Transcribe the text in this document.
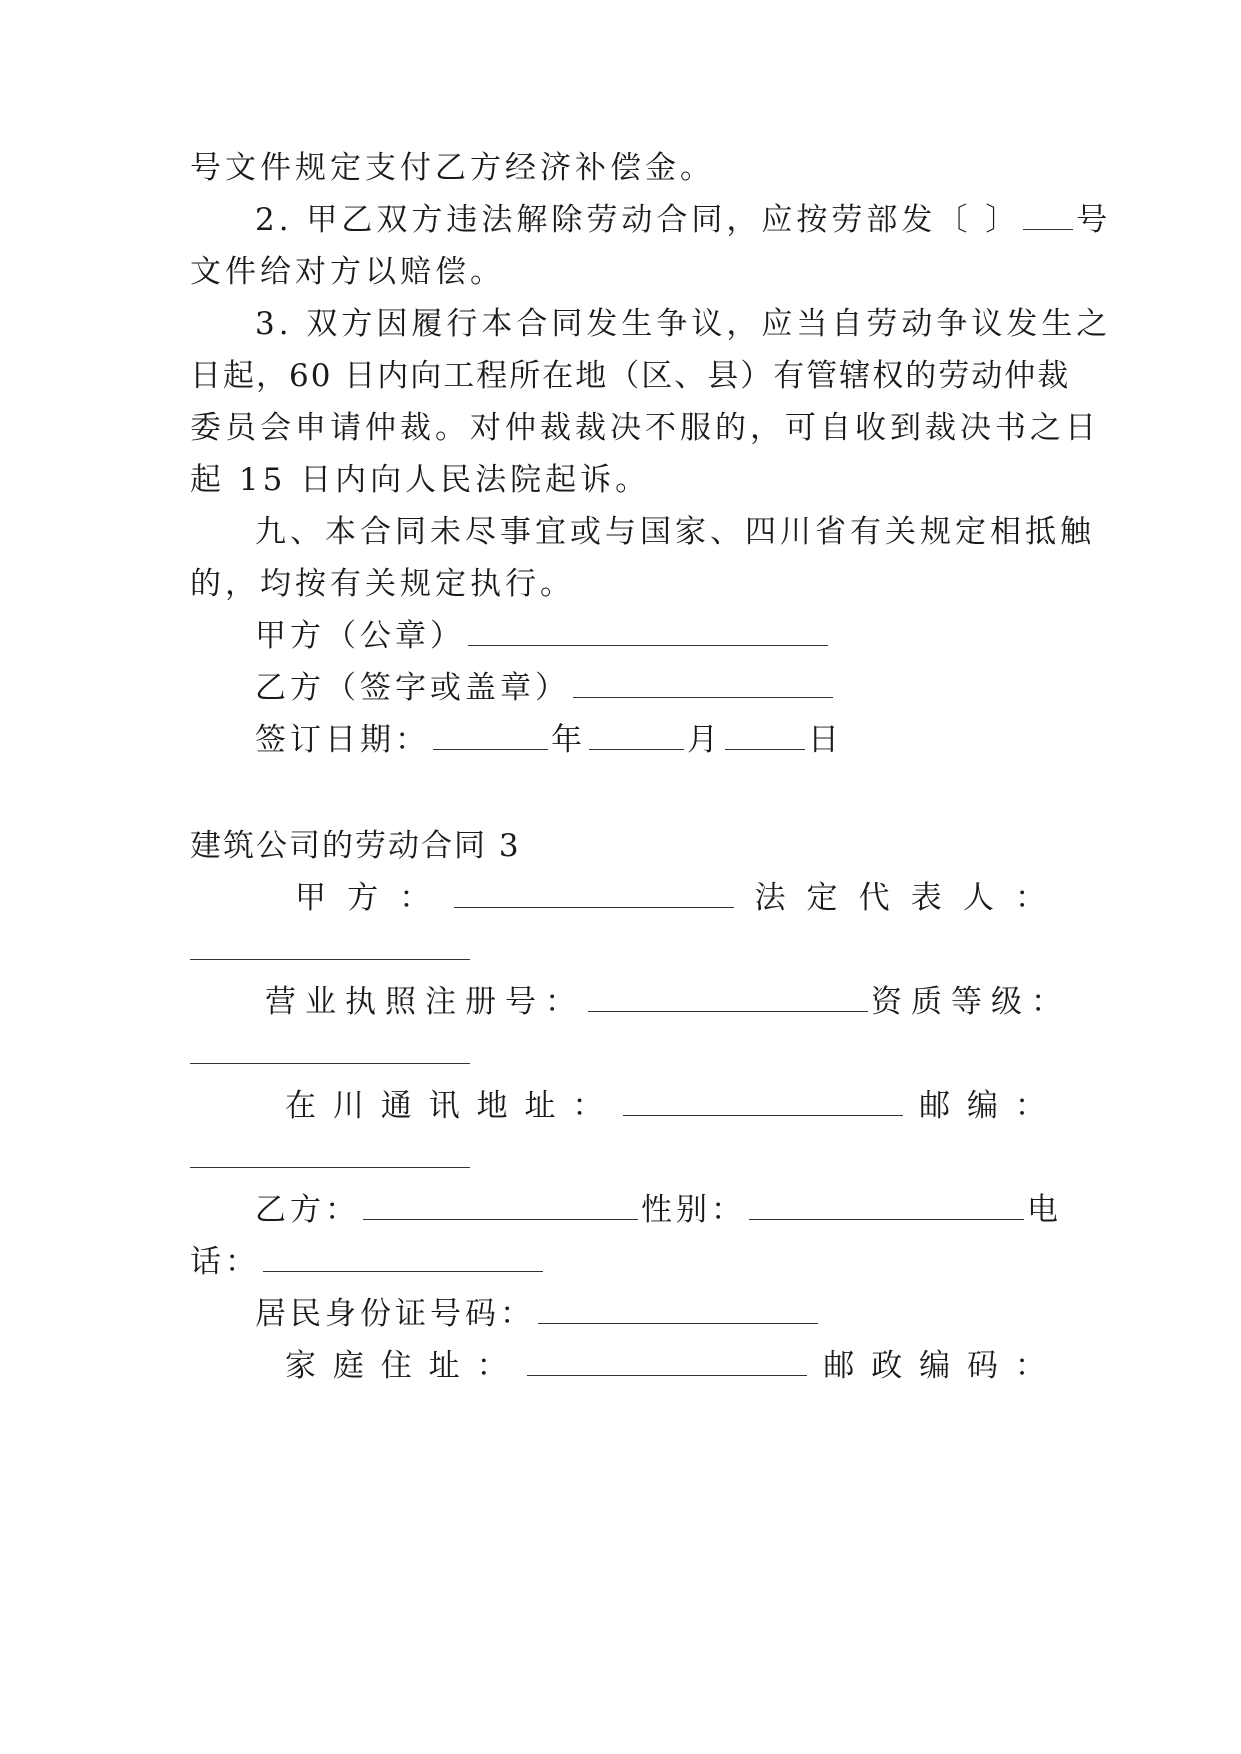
号文件规定支付乙方经济补偿金。
2. 甲乙双方违法解除劳动合同，应按劳部发〔 〕 号
文件给对方以赔偿。
3. 双方因履行本合同发生争议，应当自劳动争议发生之
日起，60 日内向工程所在地（区、县）有管辖权的劳动仲裁
委员会申请仲裁。对仲裁裁决不服的，可自收到裁决书之日
起 15 日内向人民法院起诉。
九、本合同未尽事宜或与国家、四川省有关规定相抵触
的，均按有关规定执行。
甲方（公章）
乙方（签字或盖章）
签订日期：	年	月	日
建筑公司的劳动合同 3
甲 方 ：	法 定 代 表 人 ：
营业执照注册号：	资质等级：
在 川 通 讯 地 址 ：	邮 编 ：
乙方：	性别：	电
话：
居民身份证号码：
家 庭 住 址 ：	邮 政 编 码 ：
